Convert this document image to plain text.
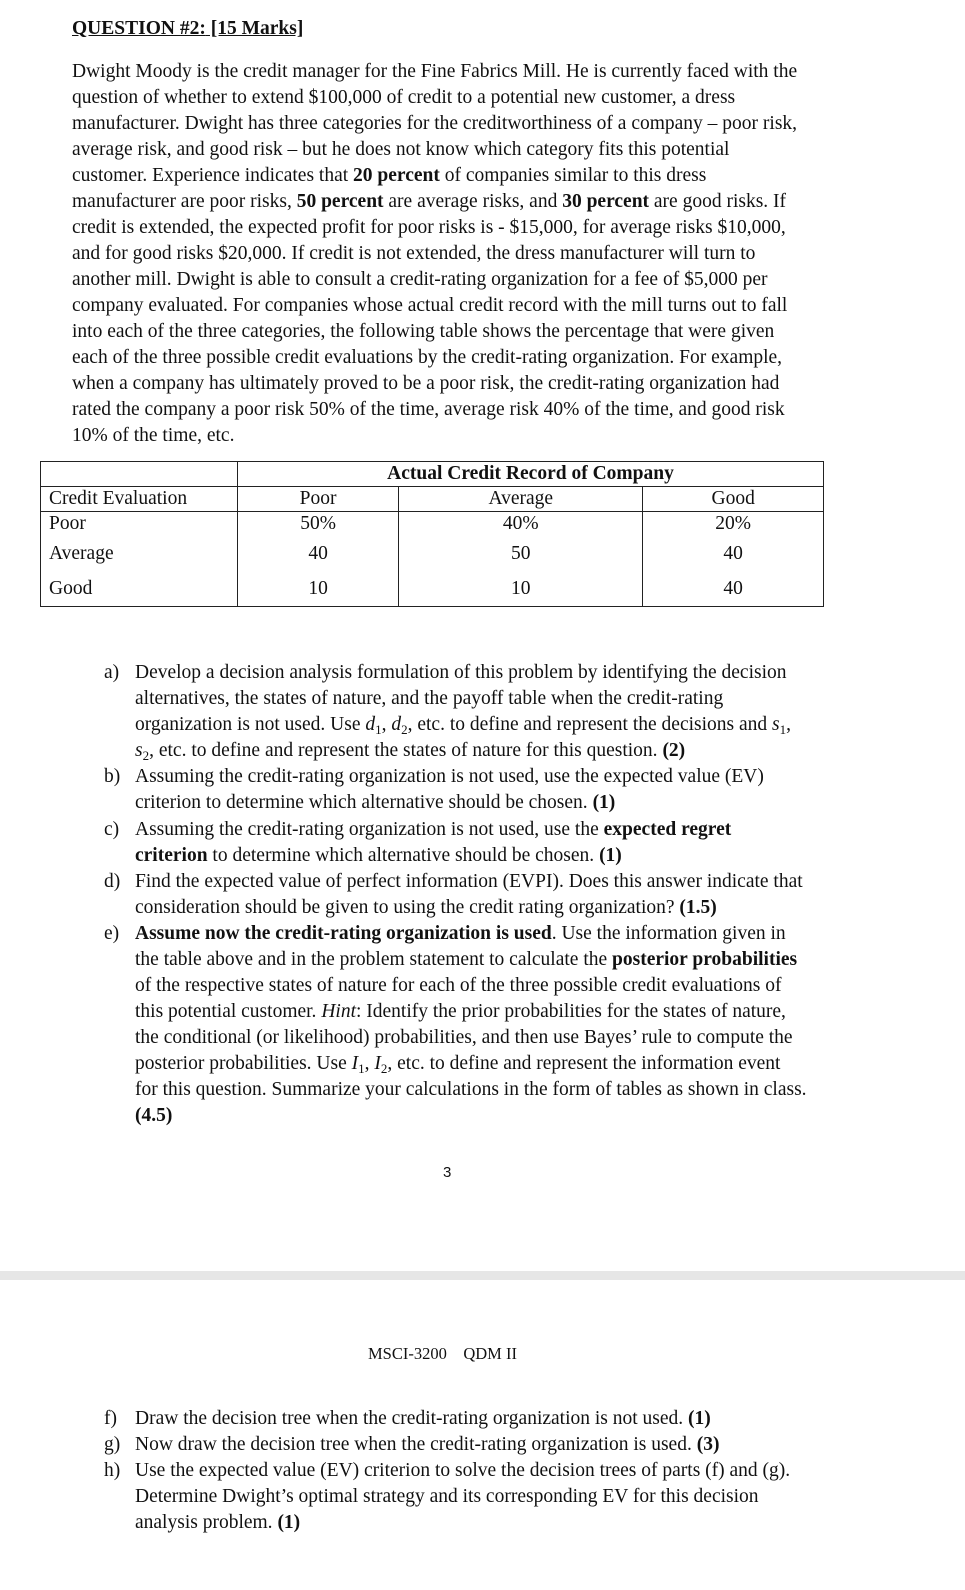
QUESTION #2: [15 Marks]
Dwight Moody is the credit manager for the Fine Fabrics Mill. He is currently faced with the
question of whether to extend $100,000 of credit to a potential new customer, a dress
manufacturer. Dwight has three categories for the creditworthiness of a company – poor risk,
average risk, and good risk – but he does not know which category fits this potential
customer. Experience indicates that 20 percent of companies similar to this dress
manufacturer are poor risks, 50 percent are average risks, and 30 percent are good risks. If
credit is extended, the expected profit for poor risks is - $15,000, for average risks $10,000,
and for good risks $20,000. If credit is not extended, the dress manufacturer will turn to
another mill. Dwight is able to consult a credit-rating organization for a fee of $5,000 per
company evaluated. For companies whose actual credit record with the mill turns out to fall
into each of the three categories, the following table shows the percentage that were given
each of the three possible credit evaluations by the credit-rating organization. For example,
when a company has ultimately proved to be a poor risk, the credit-rating organization had
rated the company a poor risk 50% of the time, average risk 40% of the time, and good risk
10% of the time, etc.
	Actual Credit Record of Company		
Credit Evaluation	Poor	Average	Good
Poor	50%	40%	20%
Average	40	50	40
Good	10	10	40
a) Develop a decision analysis formulation of this problem by identifying the decision
alternatives, the states of nature, and the payoff table when the credit-rating
organization is not used. Use $d_1$, $d_2$, etc. to define and represent the decisions and $s_1$,
$s_2$, etc. to define and represent the states of nature for this question. (2)
b) Assuming the credit-rating organization is not used, use the expected value (EV)
criterion to determine which alternative should be chosen. (1)
c) Assuming the credit-rating organization is not used, use the expected regret
criterion to determine which alternative should be chosen. (1)
d) Find the expected value of perfect information (EVPI). Does this answer indicate that
consideration should be given to using the credit rating organization? (1.5)
e) Assume now the credit-rating organization is used. Use the information given in
the table above and in the problem statement to calculate the posterior probabilities
of the respective states of nature for each of the three possible credit evaluations of
this potential customer. Hint: Identify the prior probabilities for the states of nature,
the conditional (or likelihood) probabilities, and then use Bayes’ rule to compute the
posterior probabilities. Use $I_1$, $I_2$, etc. to define and represent the information event
for this question. Summarize your calculations in the form of tables as shown in class.
(4.5)
3
MSCI-3200    QDM II
f) Draw the decision tree when the credit-rating organization is not used. (1)
g) Now draw the decision tree when the credit-rating organization is used. (3)
h) Use the expected value (EV) criterion to solve the decision trees of parts (f) and (g).
Determine Dwight’s optimal strategy and its corresponding EV for this decision
analysis problem. (1)
